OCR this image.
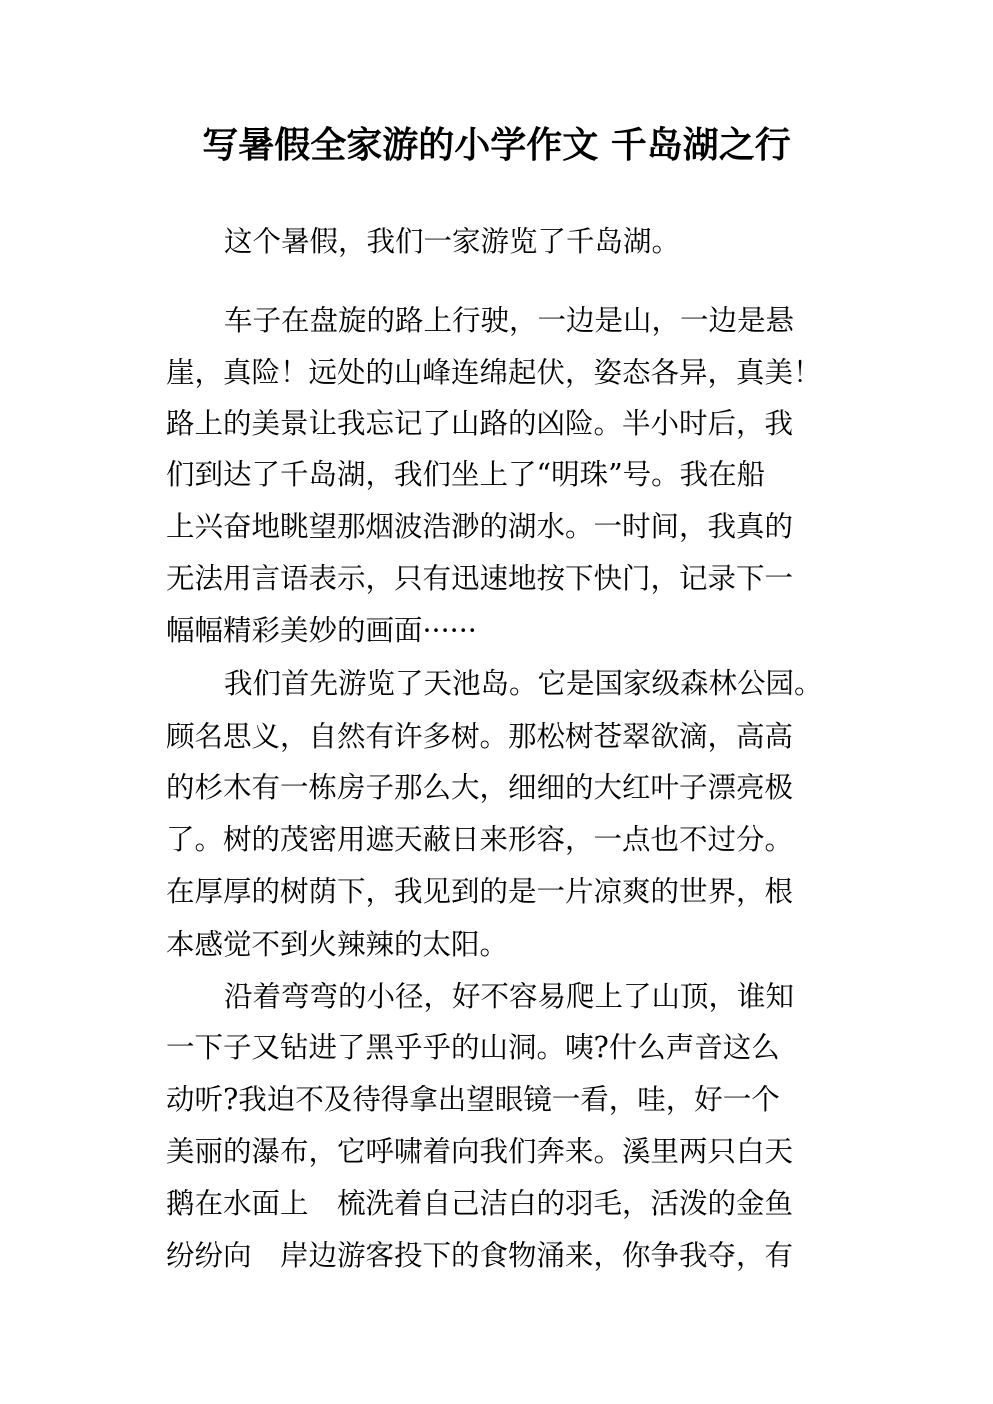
写暑假全家游的小学作文 千岛湖之行
这个暑假，我们一家游览了千岛湖。
车子在盘旋的路上行驶，一边是山，一边是悬
崖，真险！远处的山峰连绵起伏，姿态各异，真美！
路上的美景让我忘记了山路的凶险。半小时后，我
们到达了千岛湖，我们坐上了“明珠”号。我在船
上兴奋地眺望那烟波浩渺的湖水。一时间，我真的
无法用言语表示，只有迅速地按下快门，记录下一
幅幅精彩美妙的画面······
我们首先游览了天池岛。它是国家级森林公园。
顾名思义，自然有许多树。那松树苍翠欲滴，高高
的杉木有一栋房子那么大，细细的大红叶子漂亮极
了。树的茂密用遮天蔽日来形容，一点也不过分。
在厚厚的树荫下，我见到的是一片凉爽的世界，根
本感觉不到火辣辣的太阳。
沿着弯弯的小径，好不容易爬上了山顶，谁知
一下子又钻进了黑乎乎的山洞。咦?什么声音这么
动听?我迫不及待得拿出望眼镜一看，哇，好一个
美丽的瀑布，它呼啸着向我们奔来。溪里两只白天
鹅在水面上　梳洗着自己洁白的羽毛，活泼的金鱼
纷纷向　岸边游客投下的食物涌来，你争我夺，有
